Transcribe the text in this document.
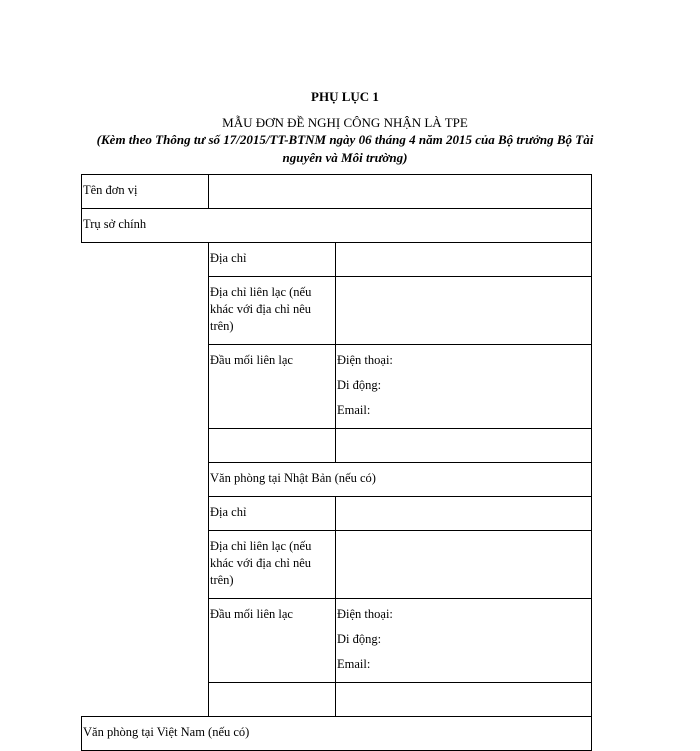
PHỤ LỤC 1
MẪU ĐƠN ĐỀ NGHỊ CÔNG NHẬN LÀ TPE
(Kèm theo Thông tư số 17/2015/TT-BTNM ngày 06 tháng 4 năm 2015 của Bộ trưởng Bộ Tài nguyên và Môi trường)
Tên đơn vị		
Trụ sở chính		
	Địa chỉ	
	Địa chỉ liên lạc (nếu khác với địa chỉ nêu trên)	
	Đầu mối liên lạc	Điện thoại:
Di động:
Email:

	Văn phòng tại Nhật Bản (nếu có)	
	Địa chỉ	
	Địa chỉ liên lạc (nếu khác với địa chỉ nêu trên)	
	Đầu mối liên lạc	Điện thoại:
Di động:
Email:

Văn phòng tại Việt Nam (nếu có)		
